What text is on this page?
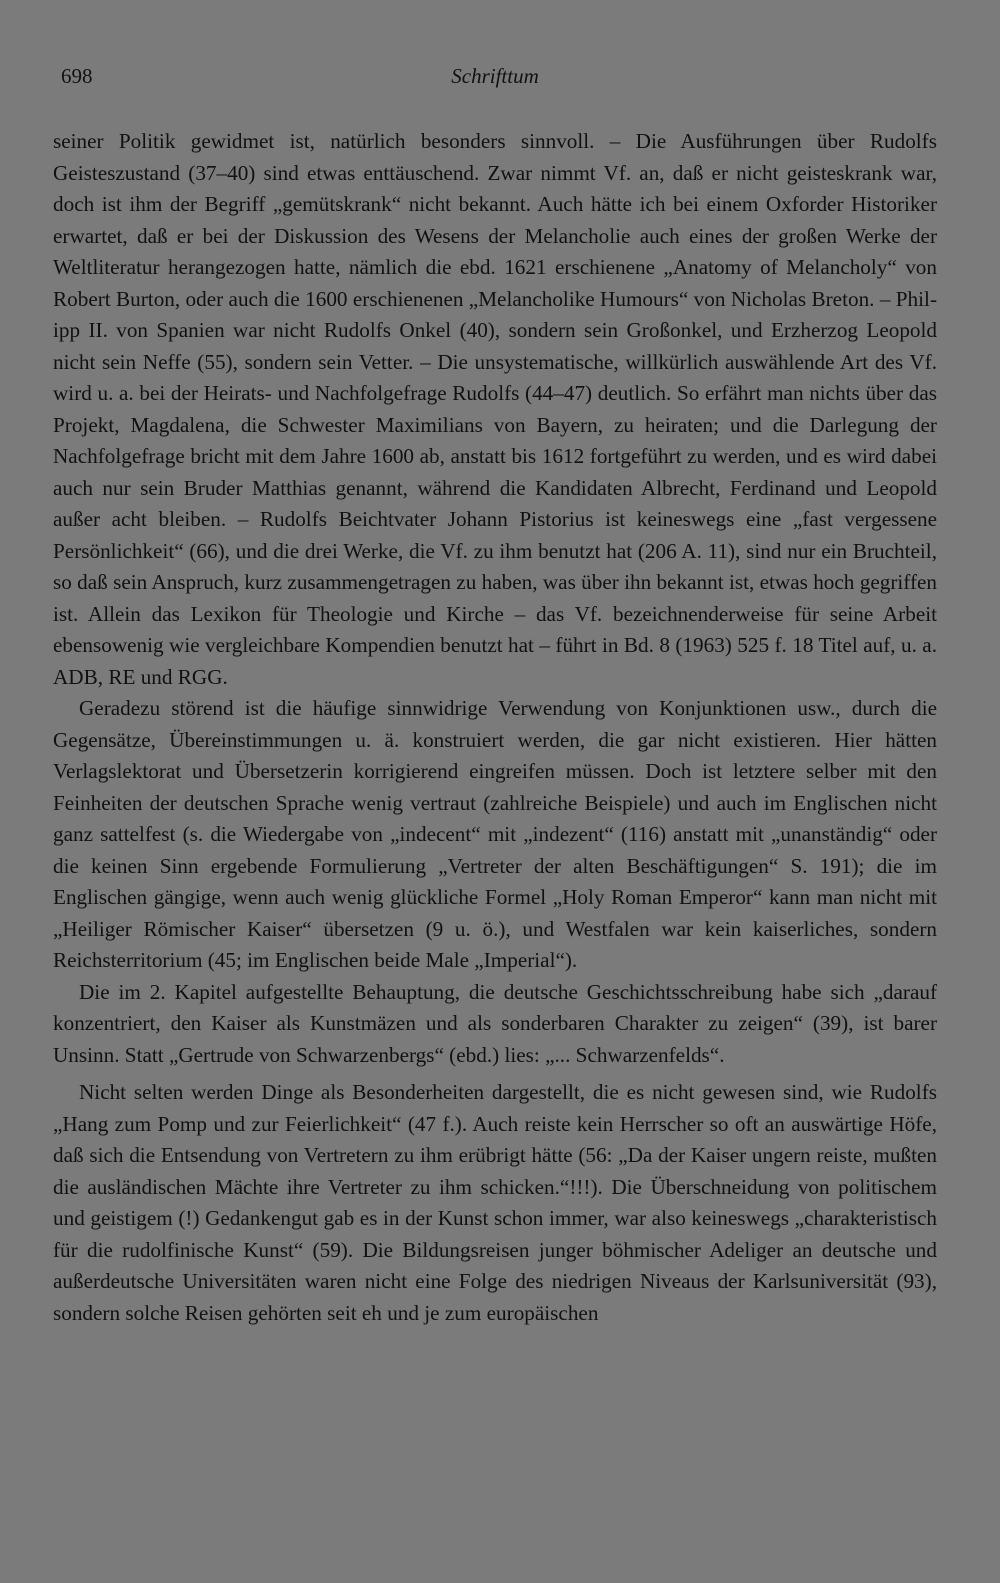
698	Schrifttum

seiner Politik gewidmet ist, natürlich besonders sinnvoll. – Die Ausführungen über Rudolfs Geisteszustand (37–40) sind etwas enttäuschend. Zwar nimmt Vf. an, daß er nicht geisteskrank war, doch ist ihm der Begriff „gemütskrank“ nicht bekannt. Auch hätte ich bei einem Oxforder Historiker erwartet, daß er bei der Diskussion des Wesens der Melancholie auch eines der großen Werke der Weltliteratur herangezogen hatte, nämlich die ebd. 1621 erschienene „Anatomy of Melancholy“ von Robert Burton, oder auch die 1600 erschienenen „Melancholike Humours“ von Nicholas Breton. – Philipp II. von Spanien war nicht Rudolfs Onkel (40), sondern sein Großonkel, und Erzherzog Leopold nicht sein Neffe (55), sondern sein Vetter. – Die unsystematische, willkürlich auswählende Art des Vf. wird u. a. bei der Heirats- und Nachfolgefrage Rudolfs (44–47) deutlich. So erfährt man nichts über das Projekt, Magdalena, die Schwester Maximilians von Bayern, zu heiraten; und die Darlegung der Nachfolgefrage bricht mit dem Jahre 1600 ab, anstatt bis 1612 fortgeführt zu werden, und es wird dabei auch nur sein Bruder Matthias genannt, während die Kandidaten Albrecht, Ferdinand und Leopold außer acht bleiben. – Rudolfs Beichtvater Johann Pistorius ist keineswegs eine „fast vergessene Persönlichkeit“ (66), und die drei Werke, die Vf. zu ihm benutzt hat (206 A. 11), sind nur ein Bruchteil, so daß sein Anspruch, kurz zusammengetragen zu haben, was über ihn bekannt ist, etwas hoch gegriffen ist. Allein das Lexikon für Theologie und Kirche – das Vf. bezeichnenderweise für seine Arbeit ebensowenig wie vergleichbare Kompendien benutzt hat – führt in Bd. 8 (1963) 525 f. 18 Titel auf, u. a. ADB, RE und RGG.

Geradezu störend ist die häufige sinnwidrige Verwendung von Konjunktionen usw., durch die Gegensätze, Übereinstimmungen u. ä. konstruiert werden, die gar nicht existieren. Hier hätten Verlagslektorat und Übersetzerin korrigierend eingreifen müssen. Doch ist letztere selber mit den Feinheiten der deutschen Sprache wenig vertraut (zahlreiche Beispiele) und auch im Englischen nicht ganz sattelfest (s. die Wiedergabe von „indecent“ mit „indezent“ (116) anstatt mit „unanständig“ oder die keinen Sinn ergebende Formulierung „Vertreter der alten Beschäftigungen“ S. 191); die im Englischen gängige, wenn auch wenig glückliche Formel „Holy Roman Emperor“ kann man nicht mit „Heiliger Römischer Kaiser“ übersetzen (9 u. ö.), und Westfalen war kein kaiserliches, sondern Reichsterritorium (45; im Englischen beide Male „Imperial“).

Die im 2. Kapitel aufgestellte Behauptung, die deutsche Geschichtsschreibung habe sich „darauf konzentriert, den Kaiser als Kunstmäzen und als sonderbaren Charakter zu zeigen“ (39), ist barer Unsinn. Statt „Gertrude von Schwarzenbergs“ (ebd.) lies: „... Schwarzenfelds“.

Nicht selten werden Dinge als Besonderheiten dargestellt, die es nicht gewesen sind, wie Rudolfs „Hang zum Pomp und zur Feierlichkeit“ (47 f.). Auch reiste kein Herrscher so oft an auswärtige Höfe, daß sich die Entsendung von Vertretern zu ihm erübrigt hätte (56: „Da der Kaiser ungern reiste, mußten die ausländischen Mächte ihre Vertreter zu ihm schicken.“!!!). Die Überschneidung von politischem und geistigem (!) Gedankengut gab es in der Kunst schon immer, war also keineswegs „charakteristisch für die rudolfinische Kunst“ (59). Die Bildungsreisen junger böhmischer Adeliger an deutsche und außerdeutsche Universitäten waren nicht eine Folge des niedrigen Niveaus der Karlsuniversität (93), sondern solche Reisen gehörten seit eh und je zum europäischen
